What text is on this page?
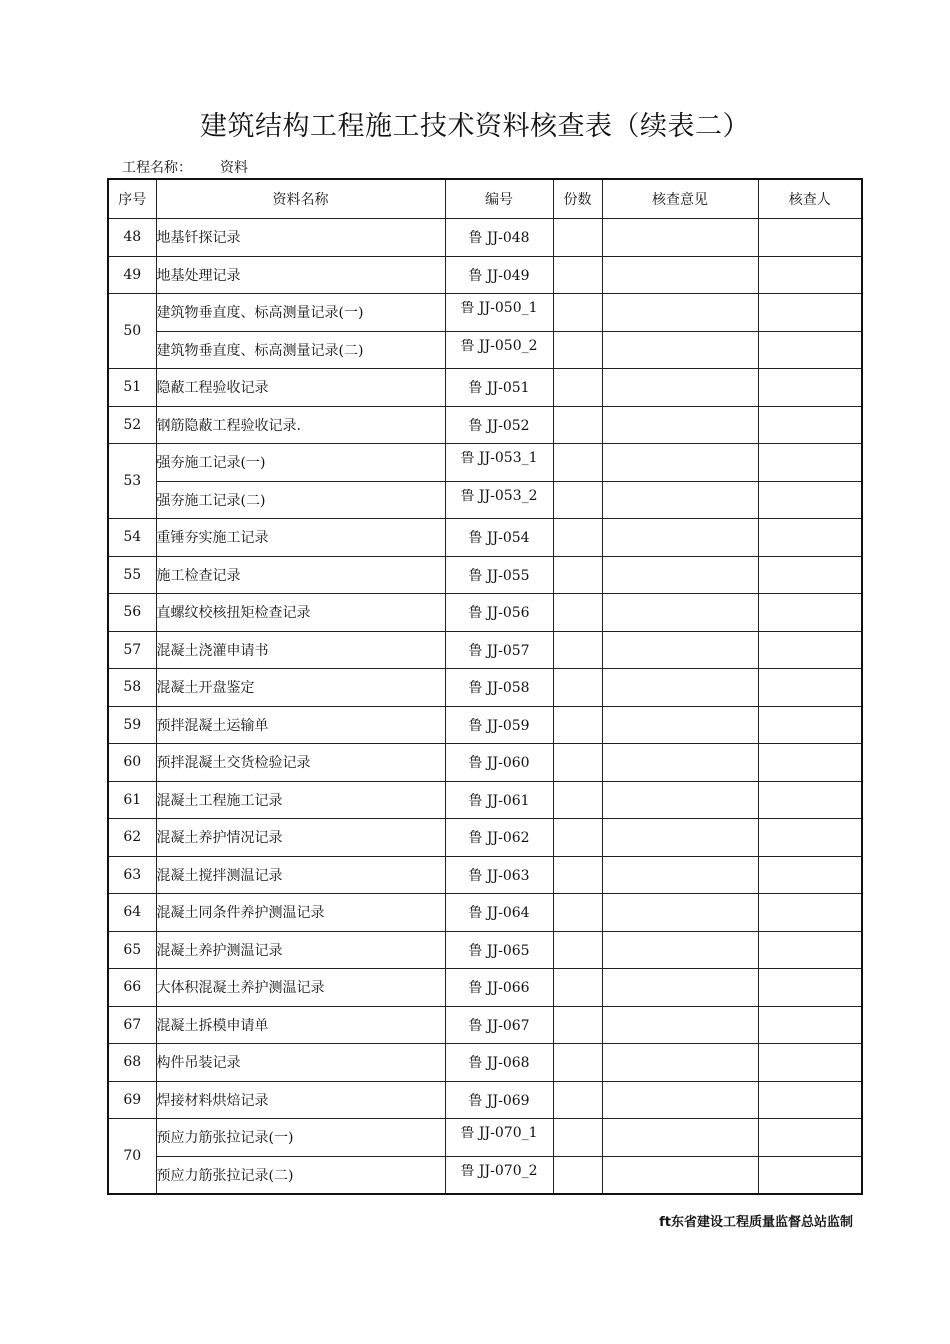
建筑结构工程施工技术资料核查表（续表二）
工程名称： 资料
序号	资料名称	编号	份数	核查意见	核查人
48	地基钎探记录	鲁 JJ-048			
49	地基处理记录	鲁 JJ-049			
50	建筑物垂直度、标高测量记录(一)	鲁 JJ-050_1			

	建筑物垂直度、标高测量记录(二)	鲁 JJ-050_2			

51	隐蔽工程验收记录	鲁 JJ-051			
52	钢筋隐蔽工程验收记录.	鲁 JJ-052			
53	强夯施工记录(一)	鲁 JJ-053_1			

	强夯施工记录(二)	鲁 JJ-053_2			

54	重锤夯实施工记录	鲁 JJ-054			
55	施工检查记录	鲁 JJ-055			
56	直螺纹校核扭矩检查记录	鲁 JJ-056			
57	混凝土浇灌申请书	鲁 JJ-057			
58	混凝土开盘鉴定	鲁 JJ-058			
59	预拌混凝土运输单	鲁 JJ-059			
60	预拌混凝土交货检验记录	鲁 JJ-060			
61	混凝土工程施工记录	鲁 JJ-061			
62	混凝土养护情况记录	鲁 JJ-062			
63	混凝土搅拌测温记录	鲁 JJ-063			
64	混凝土同条件养护测温记录	鲁 JJ-064			
65	混凝土养护测温记录	鲁 JJ-065			
66	大体积混凝土养护测温记录	鲁 JJ-066			
67	混凝土拆模申请单	鲁 JJ-067			
68	构件吊装记录	鲁 JJ-068			
69	焊接材料烘焙记录	鲁 JJ-069			
70	预应力筋张拉记录(一)	鲁 JJ-070_1			

	预应力筋张拉记录(二)	鲁 JJ-070_2			

ft东省建设工程质量监督总站监制
